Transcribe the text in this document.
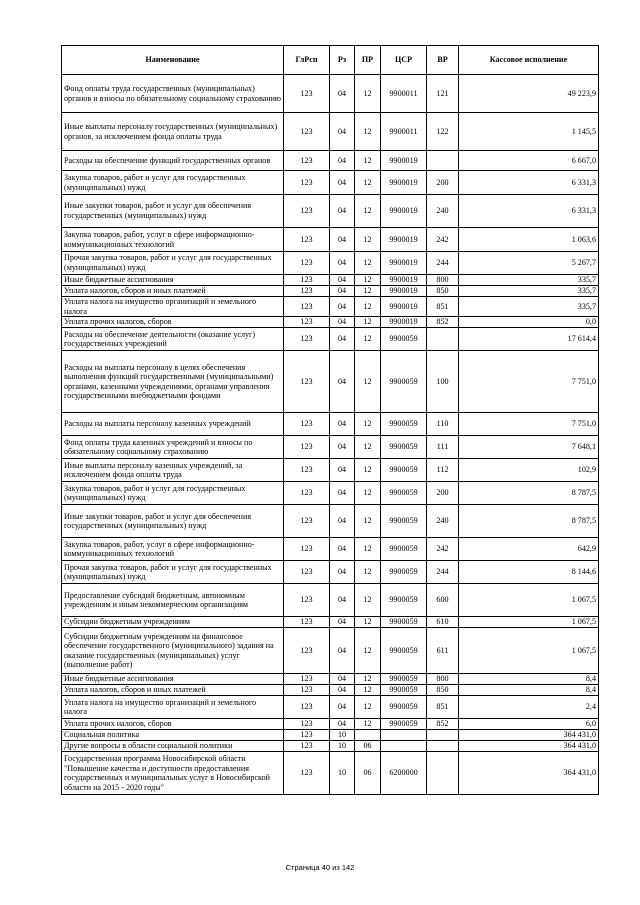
Наименование	ГлРсп	Рз	ПР	ЦСР	ВР	Кассовое исполнение
Фонд оплаты труда государственных (муниципальных) органов и взносы по обязательному социальному страхованию	123	04	12	9900011	121	49 223,9
Иные выплаты персоналу государственных (муниципальных) органов, за исключением фонда оплаты труда	123	04	12	9900011	122	1 145,5
Расходы на обеспечение функций государственных органов	123	04	12	9900019		6 667,0
Закупка товаров, работ и услуг для государственных (муниципальных) нужд	123	04	12	9900019	200	6 331,3
Иные закупки товаров, работ и услуг для обеспечения государственных (муниципальных) нужд	123	04	12	9900019	240	6 331,3
Закупка товаров, работ, услуг в сфере информационно-коммуникационных технологий	123	04	12	9900019	242	1 063,6
Прочая закупка товаров, работ и услуг для государственных (муниципальных) нужд	123	04	12	9900019	244	5 267,7
Иные бюджетные ассигнования	123	04	12	9900019	800	335,7
Уплата налогов, сборов и иных платежей	123	04	12	9900019	850	335,7
Уплата налога на имущество организаций и земельного налога	123	04	12	9900019	851	335,7
Уплата прочих налогов, сборов	123	04	12	9900019	852	0,0
Расходы на обеспечение деятельности (оказание услуг) государственных учреждений	123	04	12	9900059		17 614,4
Расходы на выплаты персоналу в целях обеспечения выполнения функций государственными (муниципальными) органами, казенными учреждениями, органами управления государственными внебюджетными фондами	123	04	12	9900059	100	7 751,0
Расходы на выплаты персоналу казенных учреждений	123	04	12	9900059	110	7 751,0
Фонд оплаты труда казенных учреждений и взносы по обязательному социальному страхованию	123	04	12	9900059	111	7 648,1
Иные выплаты персоналу казенных учреждений, за исключением фонда оплаты труда	123	04	12	9900059	112	102,9
Закупка товаров, работ и услуг для государственных (муниципальных) нужд	123	04	12	9900059	200	8 787,5
Иные закупки товаров, работ и услуг для обеспечения государственных (муниципальных) нужд	123	04	12	9900059	240	8 787,5
Закупка товаров, работ, услуг в сфере информационно-коммуникационных технологий	123	04	12	9900059	242	642,9
Прочая закупка товаров, работ и услуг для государственных (муниципальных) нужд	123	04	12	9900059	244	8 144,6
Предоставление субсидий бюджетным, автономным учреждениям и иным некоммерческим организациям	123	04	12	9900059	600	1 067,5
Субсидии бюджетным учреждениям	123	04	12	9900059	610	1 067,5
Субсидии бюджетным учреждениям на финансовое обеспечение государственного (муниципального) задания на оказание государственных (муниципальных) услуг (выполнение работ)	123	04	12	9900059	611	1 067,5
Иные бюджетные ассигнования	123	04	12	9900059	800	8,4
Уплата налогов, сборов и иных платежей	123	04	12	9900059	850	8,4
Уплата налога на имущество организаций и земельного налога	123	04	12	9900059	851	2,4
Уплата прочих налогов, сборов	123	04	12	9900059	852	6,0
Социальная политика	123	10				364 431,0
Другие вопросы в области социальной политики	123	10	06			364 431,0
Государственная программа Новосибирской области "Повышение качества и доступности предоставления государственных и муниципальных услуг в Новосибирской области на 2015 - 2020 годы"	123	10	06	6200000		364 431,0
Страница 40 из 142
